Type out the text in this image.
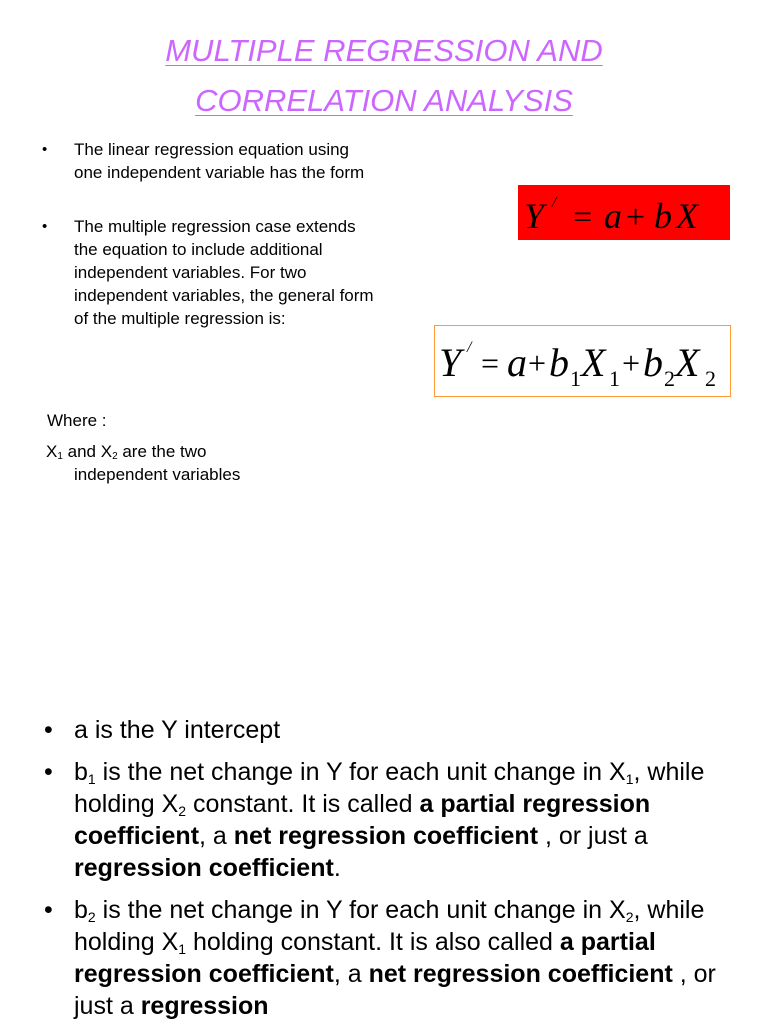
MULTIPLE REGRESSION AND
CORRELATION ANALYSIS
• The linear regression equation using one independent variable has the form
• The multiple regression case extends the equation to include additional independent variables. For two independent variables, the general form of the multiple regression is:
Where :
$X_1$ and $X_2$ are the two
independent variables
Y / = a + b X
Y / = a + b 1 X 1 + b 2 X 2
• a is the Y intercept
• $b_1$ is the net change in Y for each unit change in $X_1$, while holding $X_2$ constant. It is called a partial regression coefficient, a net regression coefficient , or just a regression coefficient.
• $b_2$ is the net change in Y for each unit change in $X_2$, while holding $X_1$ holding constant. It is also called a partial regression coefficient, a net regression coefficient , or just a regression
